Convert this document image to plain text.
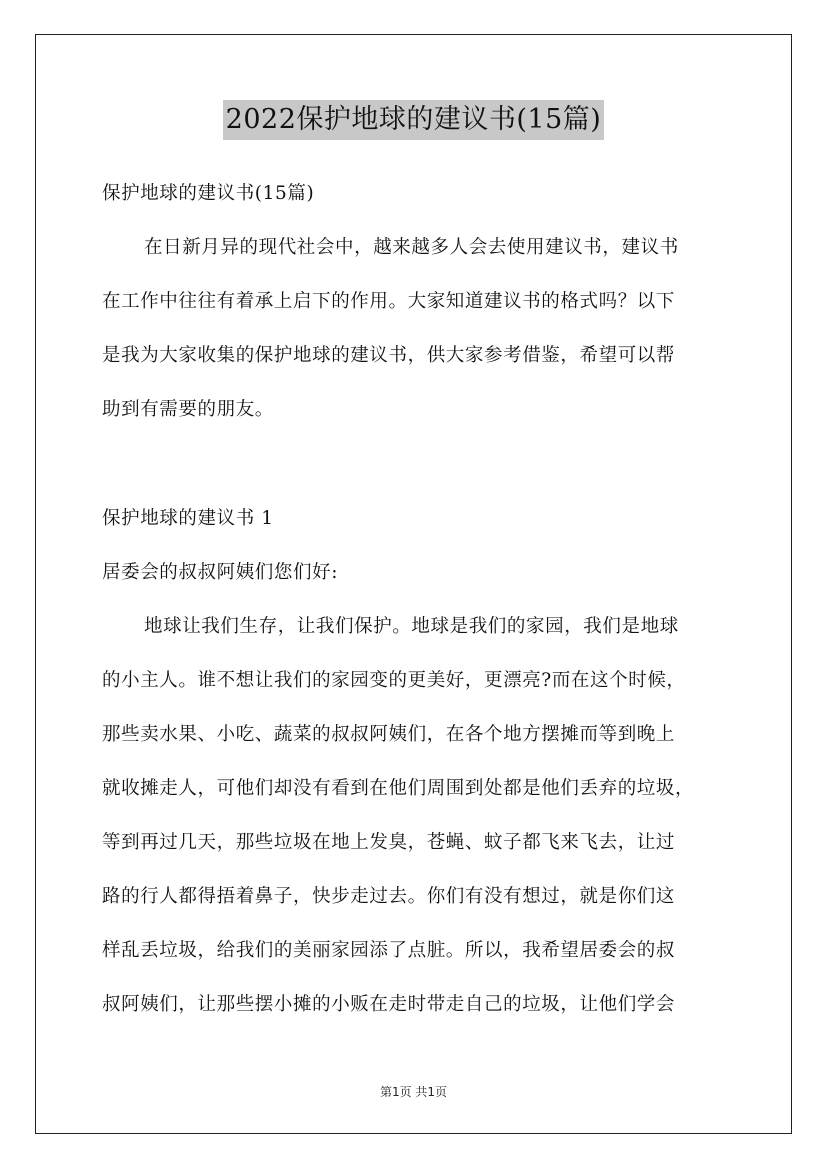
2022保护地球的建议书(15篇)
保护地球的建议书(15篇)
在日新月异的现代社会中，越来越多人会去使用建议书，建议书
在工作中往往有着承上启下的作用。大家知道建议书的格式吗？以下
是我为大家收集的保护地球的建议书，供大家参考借鉴，希望可以帮
助到有需要的朋友。
保护地球的建议书 1
居委会的叔叔阿姨们您们好:
地球让我们生存，让我们保护。地球是我们的家园，我们是地球
的小主人。谁不想让我们的家园变的更美好，更漂亮?而在这个时候，
那些卖水果、小吃、蔬菜的叔叔阿姨们，在各个地方摆摊而等到晚上
就收摊走人，可他们却没有看到在他们周围到处都是他们丢弃的垃圾，
等到再过几天，那些垃圾在地上发臭，苍蝇、蚊子都飞来飞去，让过
路的行人都得捂着鼻子，快步走过去。你们有没有想过，就是你们这
样乱丢垃圾，给我们的美丽家园添了点脏。所以，我希望居委会的叔
叔阿姨们，让那些摆小摊的小贩在走时带走自己的垃圾，让他们学会
第1页 共1页
